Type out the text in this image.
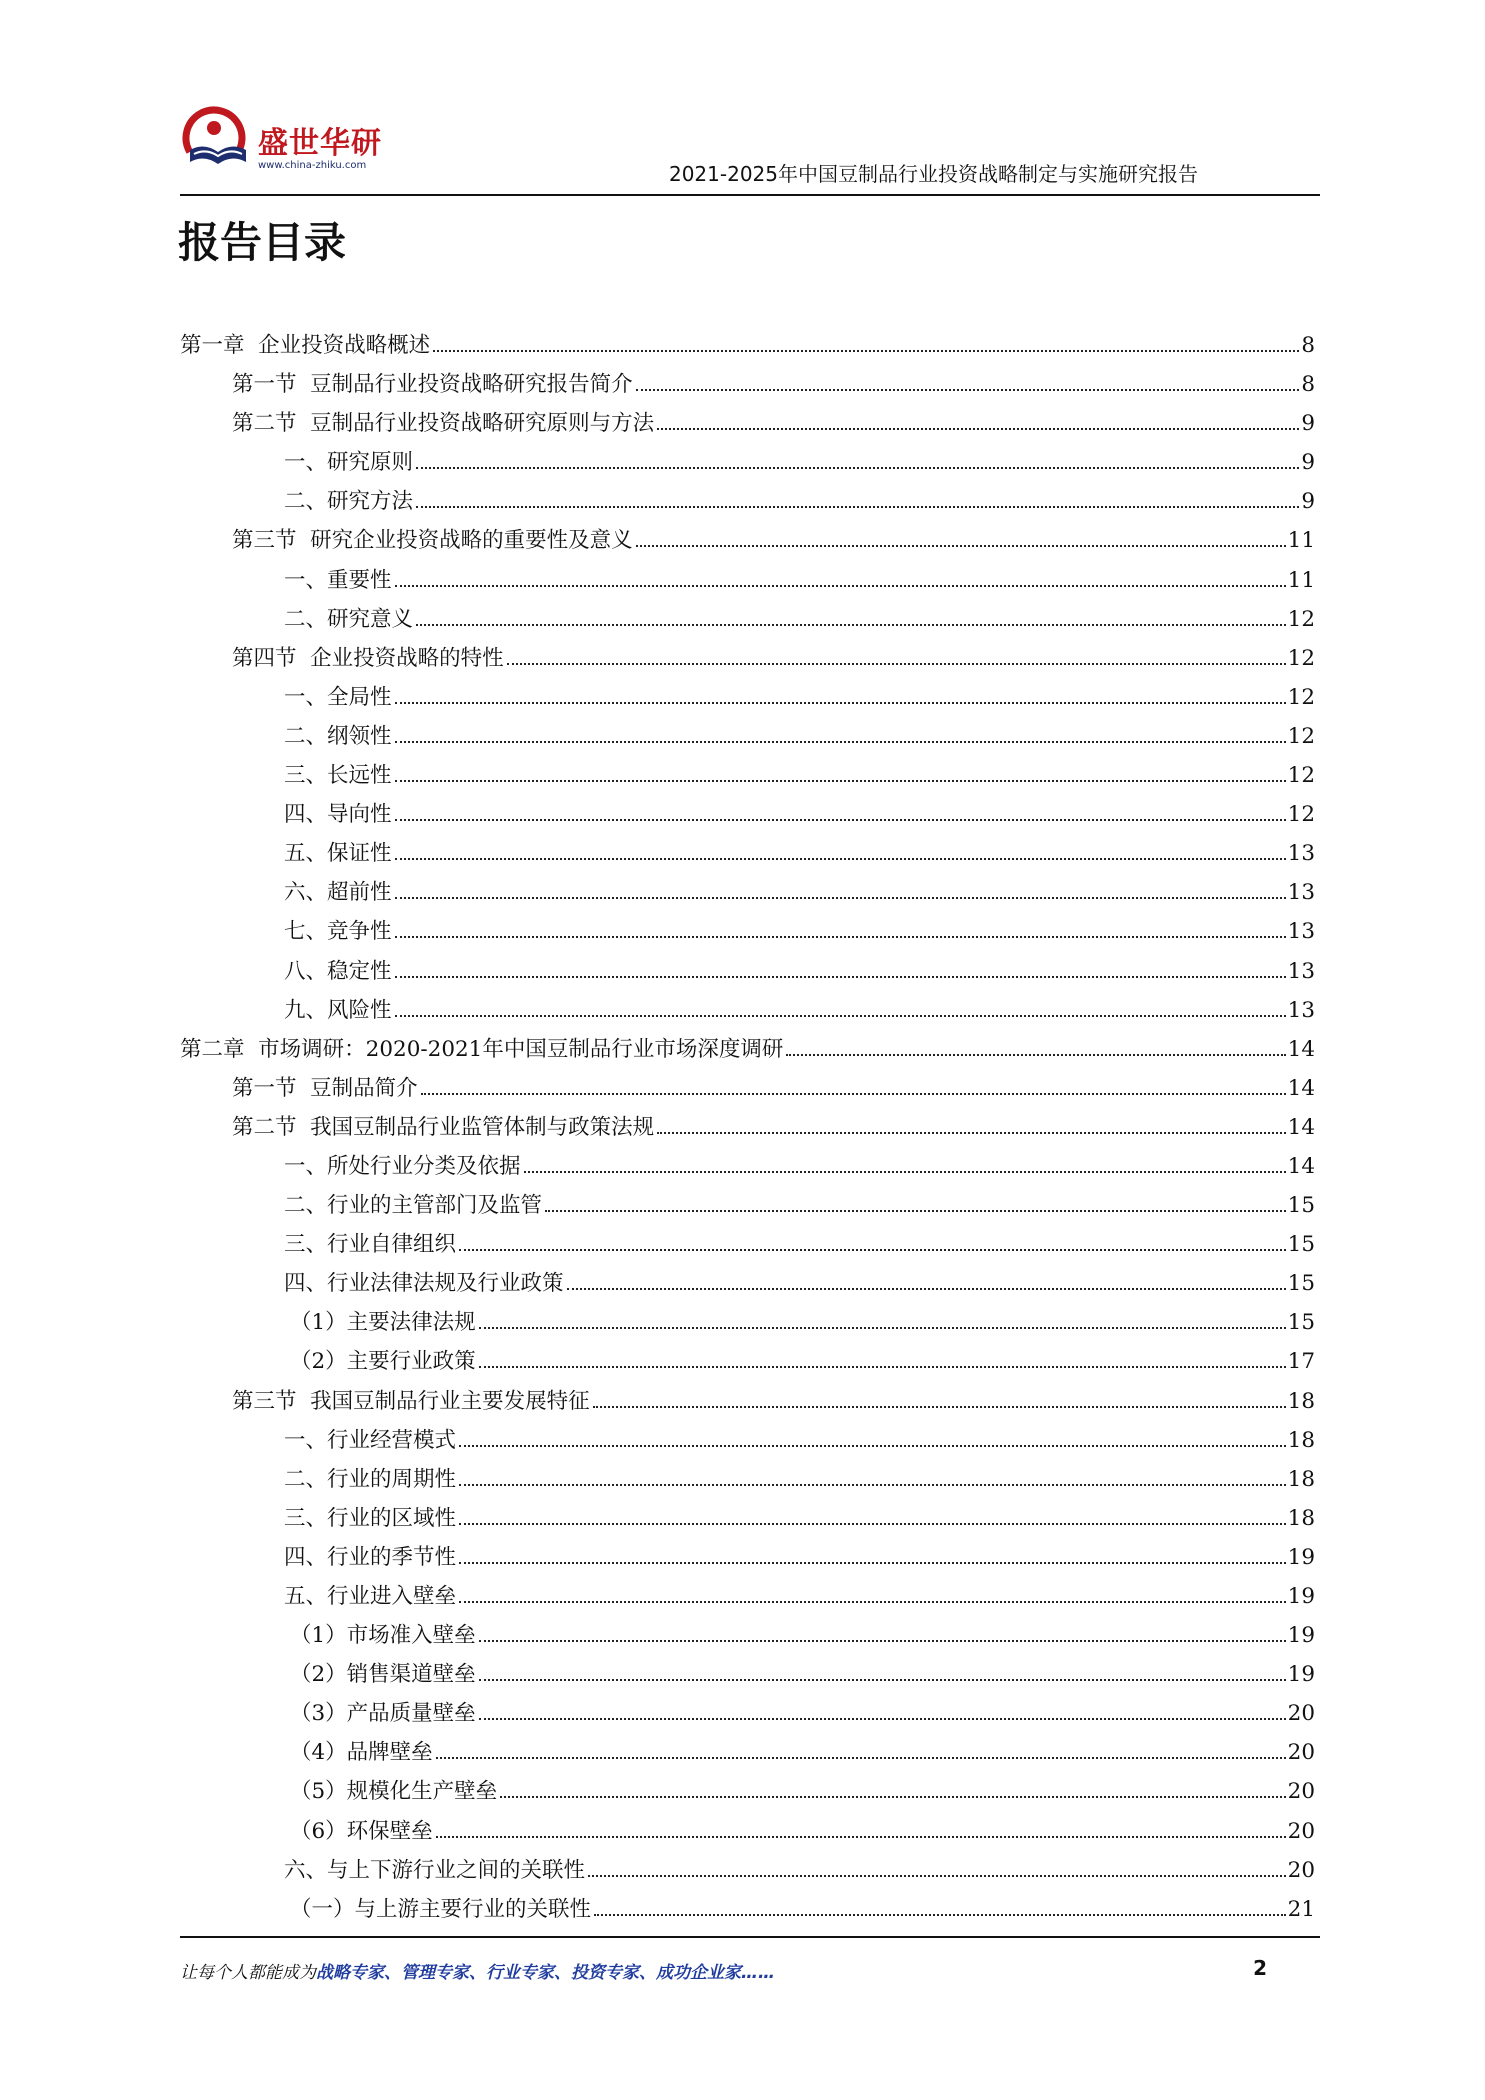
盛世华研
www.china-zhiku.com	2021-2025年中国豆制品行业投资战略制定与实施研究报告
报告目录
第一章  企业投资战略概述	8
第一节  豆制品行业投资战略研究报告简介	8
第二节  豆制品行业投资战略研究原则与方法	9
一、研究原则	9
二、研究方法	9
第三节  研究企业投资战略的重要性及意义	11
一、重要性	11
二、研究意义	12
第四节  企业投资战略的特性	12
一、全局性	12
二、纲领性	12
三、长远性	12
四、导向性	12
五、保证性	13
六、超前性	13
七、竞争性	13
八、稳定性	13
九、风险性	13
第二章  市场调研：2020-2021年中国豆制品行业市场深度调研	14
第一节  豆制品简介	14
第二节  我国豆制品行业监管体制与政策法规	14
一、所处行业分类及依据	14
二、行业的主管部门及监管	15
三、行业自律组织	15
四、行业法律法规及行业政策	15
（1）主要法律法规	15
（2）主要行业政策	17
第三节  我国豆制品行业主要发展特征	18
一、行业经营模式	18
二、行业的周期性	18
三、行业的区域性	18
四、行业的季节性	19
五、行业进入壁垒	19
（1）市场准入壁垒	19
（2）销售渠道壁垒	19
（3）产品质量壁垒	20
（4）品牌壁垒	20
（5）规模化生产壁垒	20
（6）环保壁垒	20
六、与上下游行业之间的关联性	20
（一）与上游主要行业的关联性	21
让每个人都能成为战略专家、管理专家、行业专家、投资专家、成功企业家……	2
